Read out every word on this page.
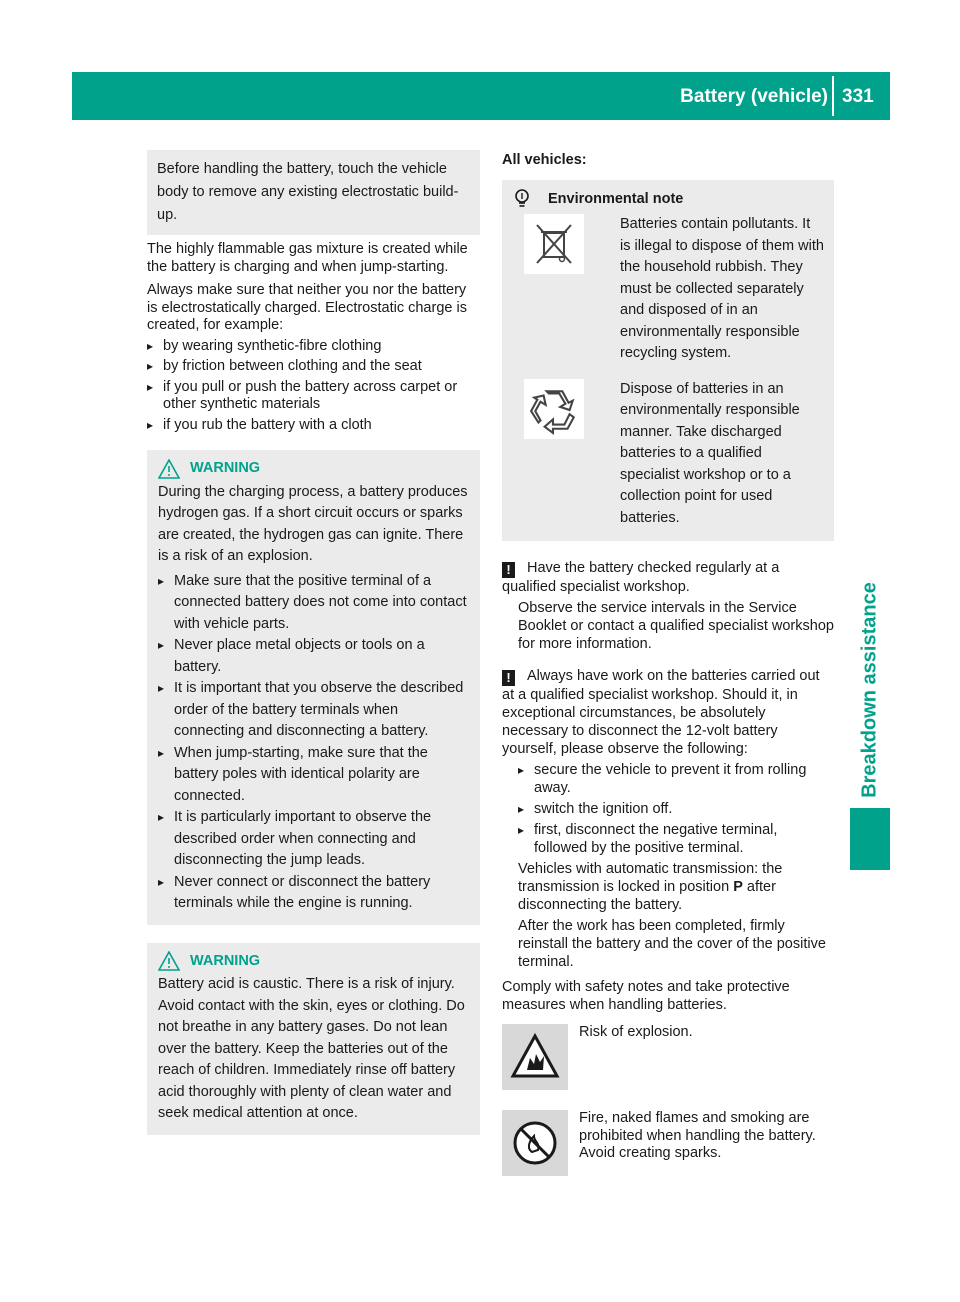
Battery (vehicle) 331
Breakdown assistance
Before handling the battery, touch the vehicle body to remove any existing electrostatic build-up.

The highly flammable gas mixture is created while the battery is charging and when jump-starting.

Always make sure that neither you nor the battery is electrostatically charged. Electrostatic charge is created, for example:

▸ by wearing synthetic-fibre clothing
▸ by friction between clothing and the seat
▸ if you pull or push the battery across carpet or other synthetic materials
▸ if you rub the battery with a cloth
WARNING
During the charging process, a battery produces hydrogen gas. If a short circuit occurs or sparks are created, the hydrogen gas can ignite. There is a risk of an explosion.
▸ Make sure that the positive terminal of a connected battery does not come into contact with vehicle parts.
▸ Never place metal objects or tools on a battery.
▸ It is important that you observe the described order of the battery terminals when connecting and disconnecting a battery.
▸ When jump-starting, make sure that the battery poles with identical polarity are connected.
▸ It is particularly important to observe the described order when connecting and disconnecting the jump leads.
▸ Never connect or disconnect the battery terminals while the engine is running.
WARNING
Battery acid is caustic. There is a risk of injury.
Avoid contact with the skin, eyes or clothing. Do not breathe in any battery gases. Do not lean over the battery. Keep the batteries out of the reach of children. Immediately rinse off battery acid thoroughly with plenty of clean water and seek medical attention at once.
All vehicles:
Environmental note
Batteries contain pollutants. It is illegal to dispose of them with the household rubbish. They must be collected separately and disposed of in an environmentally responsible recycling system.
Dispose of batteries in an environmentally responsible manner. Take discharged batteries to a qualified specialist workshop or to a collection point for used batteries.
! Have the battery checked regularly at a qualified specialist workshop.
Observe the service intervals in the Service Booklet or contact a qualified specialist workshop for more information.
! Always have work on the batteries carried out at a qualified specialist workshop. Should it, in exceptional circumstances, be absolutely necessary to disconnect the 12-volt battery yourself, please observe the following:
▸ secure the vehicle to prevent it from rolling away.
▸ switch the ignition off.
▸ first, disconnect the negative terminal, followed by the positive terminal.
Vehicles with automatic transmission: the transmission is locked in position P after disconnecting the battery.
After the work has been completed, firmly reinstall the battery and the cover of the positive terminal.

Comply with safety notes and take protective measures when handling batteries.

Risk of explosion.
Fire, naked flames and smoking are prohibited when handling the battery. Avoid creating sparks.
